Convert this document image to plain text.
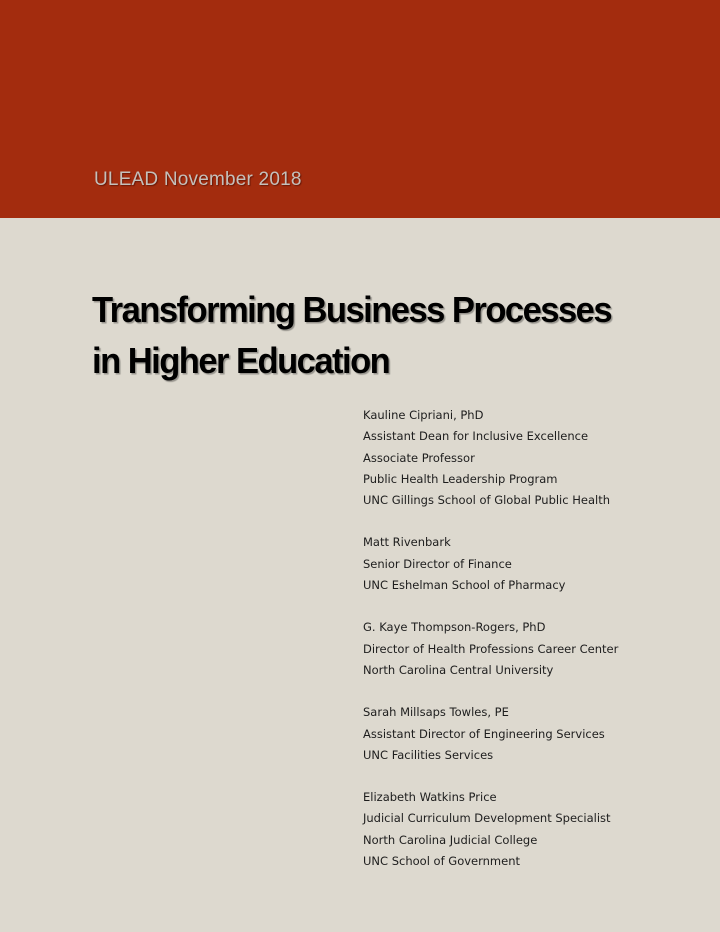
ULEAD November 2018
Transforming Business Processes
in Higher Education
Kauline Cipriani, PhD
Assistant Dean for Inclusive Excellence
Associate Professor
Public Health Leadership Program
UNC Gillings School of Global Public Health
Matt Rivenbark
Senior Director of Finance
UNC Eshelman School of Pharmacy
G. Kaye Thompson-Rogers, PhD
Director of Health Professions Career Center
North Carolina Central University
Sarah Millsaps Towles, PE
Assistant Director of Engineering Services
UNC Facilities Services
Elizabeth Watkins Price
Judicial Curriculum Development Specialist
North Carolina Judicial College
UNC School of Government
